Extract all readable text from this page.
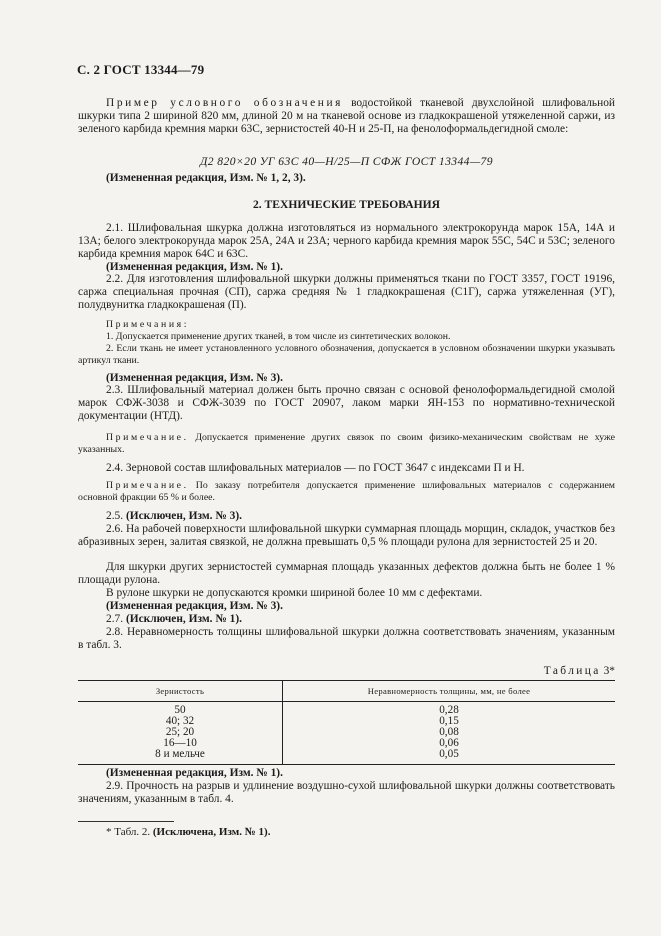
С. 2 ГОСТ 13344—79
Пример условного обозначения водостойкой тканевой двухслойной шлифовальной шкурки типа 2 шириной 820 мм, длиной 20 м на тканевой основе из гладкокрашеной утяжеленной саржи, из зеленого карбида кремния марки 63С, зернистостей 40-Н и 25-П, на фенолоформальдегидной смоле:
Д2 820×20 УГ 63С 40—Н/25—П СФЖ ГОСТ 13344—79
(Измененная редакция, Изм. № 1, 2, 3).
2. ТЕХНИЧЕСКИЕ ТРЕБОВАНИЯ
2.1. Шлифовальная шкурка должна изготовляться из нормального электрокорунда марок 15А, 14А и 13А; белого электрокорунда марок 25А, 24А и 23А; черного карбида кремния марок 55С, 54С и 53С; зеленого карбида кремния марок 64С и 63С.
(Измененная редакция, Изм. № 1).
2.2. Для изготовления шлифовальной шкурки должны применяться ткани по ГОСТ 3357, ГОСТ 19196, саржа специальная прочная (СП), саржа средняя № 1 гладкокрашеная (С1Г), саржа утяжеленная (УГ), полудвунитка гладкокрашеная (П).
Примечания:
1. Допускается применение других тканей, в том числе из синтетических волокон.
2. Если ткань не имеет установленного условного обозначения, допускается в условном обозначении шкурки указывать артикул ткани.
(Измененная редакция, Изм. № 3).
2.3. Шлифовальный материал должен быть прочно связан с основой фенолоформальдегидной смолой марок СФЖ-3038 и СФЖ-3039 по ГОСТ 20907, лаком марки ЯН-153 по нормативно-технической документации (НТД).
Примечание. Допускается применение других связок по своим физико-механическим свойствам не хуже указанных.
2.4. Зерновой состав шлифовальных материалов — по ГОСТ 3647 с индексами П и Н.
Примечание. По заказу потребителя допускается применение шлифовальных материалов с содержанием основной фракции 65 % и более.
2.5. (Исключен, Изм. № 3).
2.6. На рабочей поверхности шлифовальной шкурки суммарная площадь морщин, складок, участков без абразивных зерен, залитая связкой, не должна превышать 0,5 % площади рулона для зернистостей 25 и 20.
Для шкурки других зернистостей суммарная площадь указанных дефектов должна быть не более 1 % площади рулона.
В рулоне шкурки не допускаются кромки шириной более 10 мм с дефектами.
(Измененная редакция, Изм. № 3).
2.7. (Исключен, Изм. № 1).
2.8. Неравномерность толщины шлифовальной шкурки должна соответствовать значениям, указанным в табл. 3.
Таблица 3*
Зернистость	Неравномерность толщины, мм, не более
50	0,28
40; 32	0,15
25; 20	0,08
16—10	0,06
8 и мельче	0,05
(Измененная редакция, Изм. № 1).
2.9. Прочность на разрыв и удлинение воздушно-сухой шлифовальной шкурки должны соответствовать значениям, указанным в табл. 4.
* Табл. 2. (Исключена, Изм. № 1).
